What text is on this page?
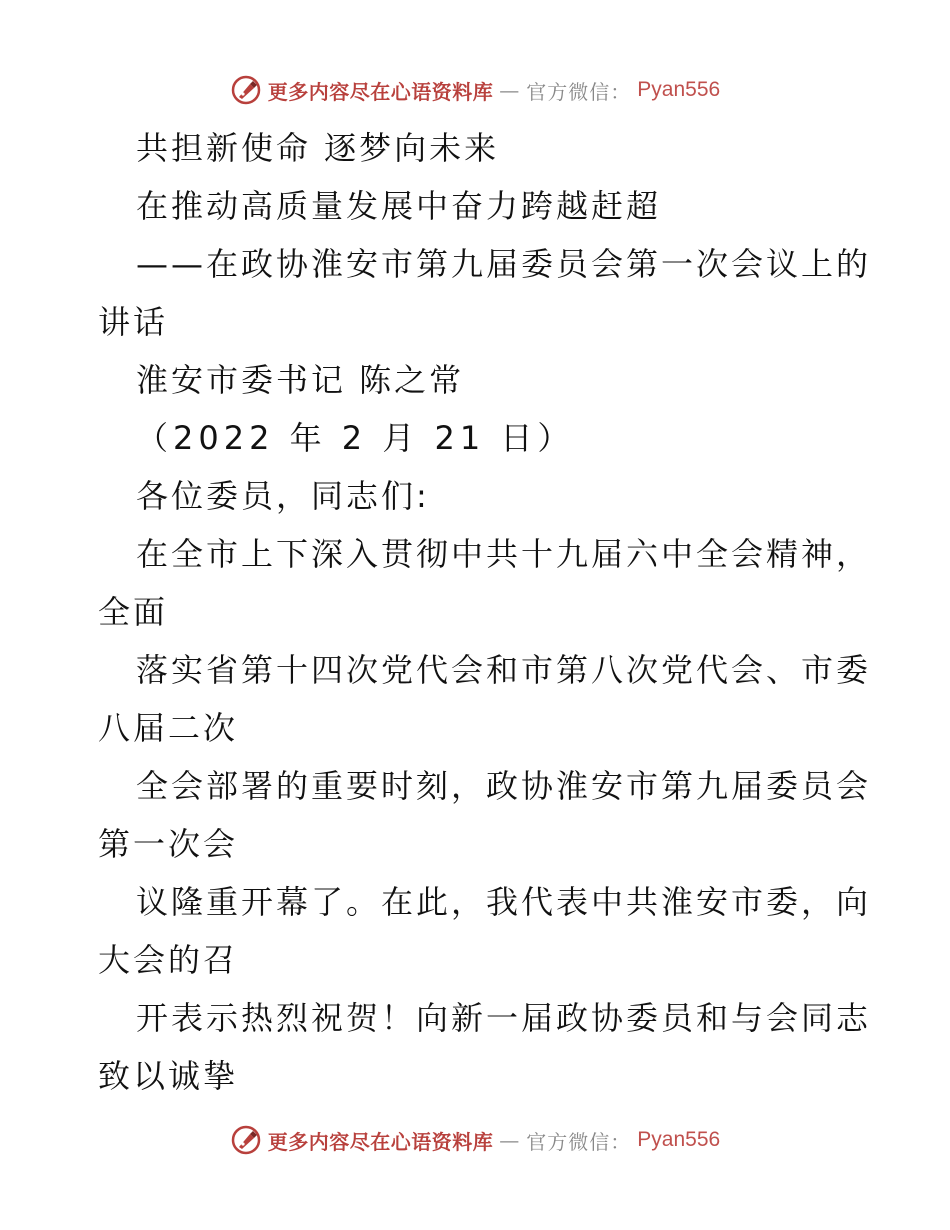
更多内容尽在心语资料库 — 官方微信： Pyan556
共担新使命 逐梦向未来
在推动高质量发展中奋力跨越赶超
——在政协淮安市第九届委员会第一次会议上的
讲话
淮安市委书记 陈之常
（2022 年 2 月 21 日）
各位委员，同志们:
在全市上下深入贯彻中共十九届六中全会精神，
全面
落实省第十四次党代会和市第八次党代会、市委
八届二次
全会部署的重要时刻，政协淮安市第九届委员会
第一次会
议隆重开幕了。在此，我代表中共淮安市委，向
大会的召
开表示热烈祝贺！向新一届政协委员和与会同志
致以诚挚
更多内容尽在心语资料库 — 官方微信： Pyan556
